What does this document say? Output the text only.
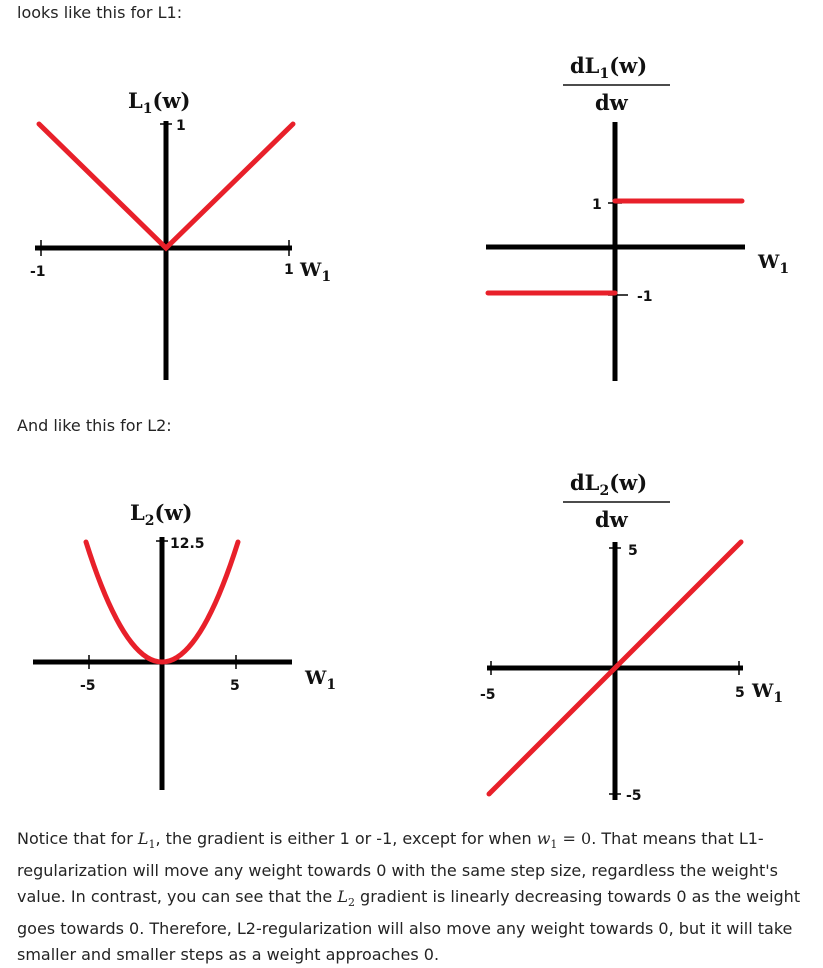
looks like this for L1:

And like this for L2:

$L_1(w)$
1
-1	1 $W_1$
$dL_1(w)$
dw
1
-1
$W_1$
$L_2(w)$
12.5
-5	5	$W_1$
$dL_2(w)$
dw
5
-5
-5	5 $W_1$

Notice that for $L_1$, the gradient is either 1 or -1, except for when $w_1 = 0$. That means that L1-regularization will move any weight towards 0 with the same step size, regardless the weight's value. In contrast, you can see that the $L_2$ gradient is linearly decreasing towards 0 as the weight goes towards 0. Therefore, L2-regularization will also move any weight towards 0, but it will take smaller and smaller steps as a weight approaches 0.
